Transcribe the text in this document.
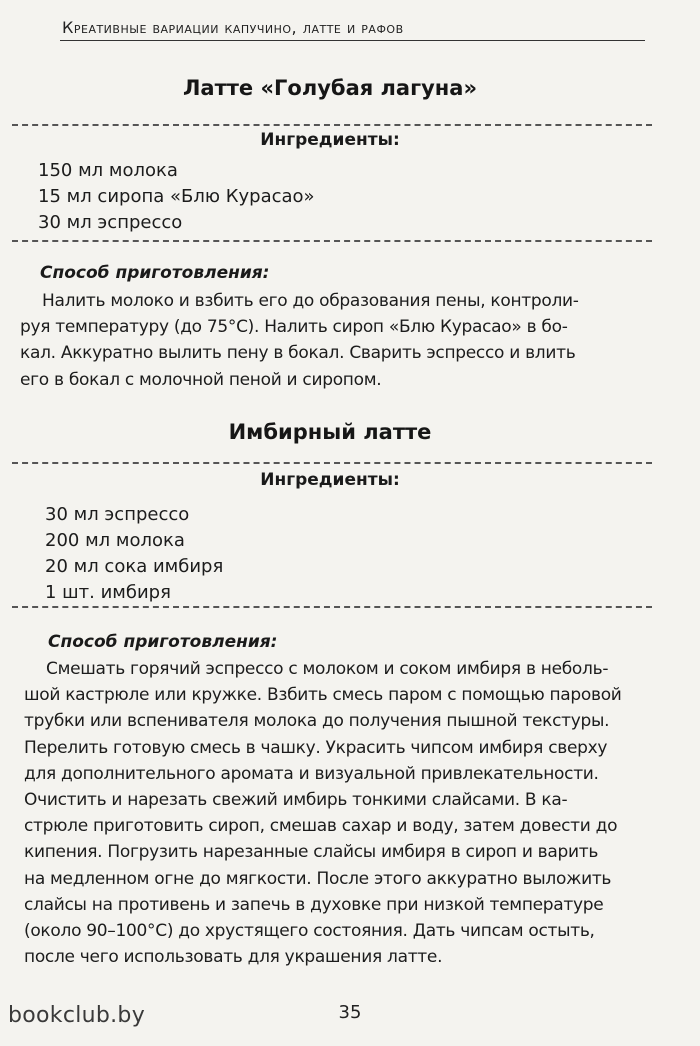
Креативные вариации капучино, латте и рафов
Латте «Голубая лагуна»
Ингредиенты:
150 мл молока
15 мл сиропа «Блю Курасао»
30 мл эспрессо
Способ приготовления:
Налить молоко и взбить его до образования пены, контроли-
руя температуру (до 75°C). Налить сироп «Блю Курасао» в бо-
кал. Аккуратно вылить пену в бокал. Сварить эспрессо и влить
его в бокал с молочной пеной и сиропом.
Имбирный латте
Ингредиенты:
30 мл эспрессо
200 мл молока
20 мл сока имбиря
1 шт. имбиря
Способ приготовления:
Смешать горячий эспрессо с молоком и соком имбиря в неболь-
шой кастрюле или кружке. Взбить смесь паром с помощью паровой
трубки или вспенивателя молока до получения пышной текстуры.
Перелить готовую смесь в чашку. Украсить чипсом имбиря сверху
для дополнительного аромата и визуальной привлекательности.
Очистить и нарезать свежий имбирь тонкими слайсами. В ка-
стрюле приготовить сироп, смешав сахар и воду, затем довести до
кипения. Погрузить нарезанные слайсы имбиря в сироп и варить
на медленном огне до мягкости. После этого аккуратно выложить
слайсы на противень и запечь в духовке при низкой температуре
(около 90–100°C) до хрустящего состояния. Дать чипсам остыть,
после чего использовать для украшения латте.
35
bookclub.by
